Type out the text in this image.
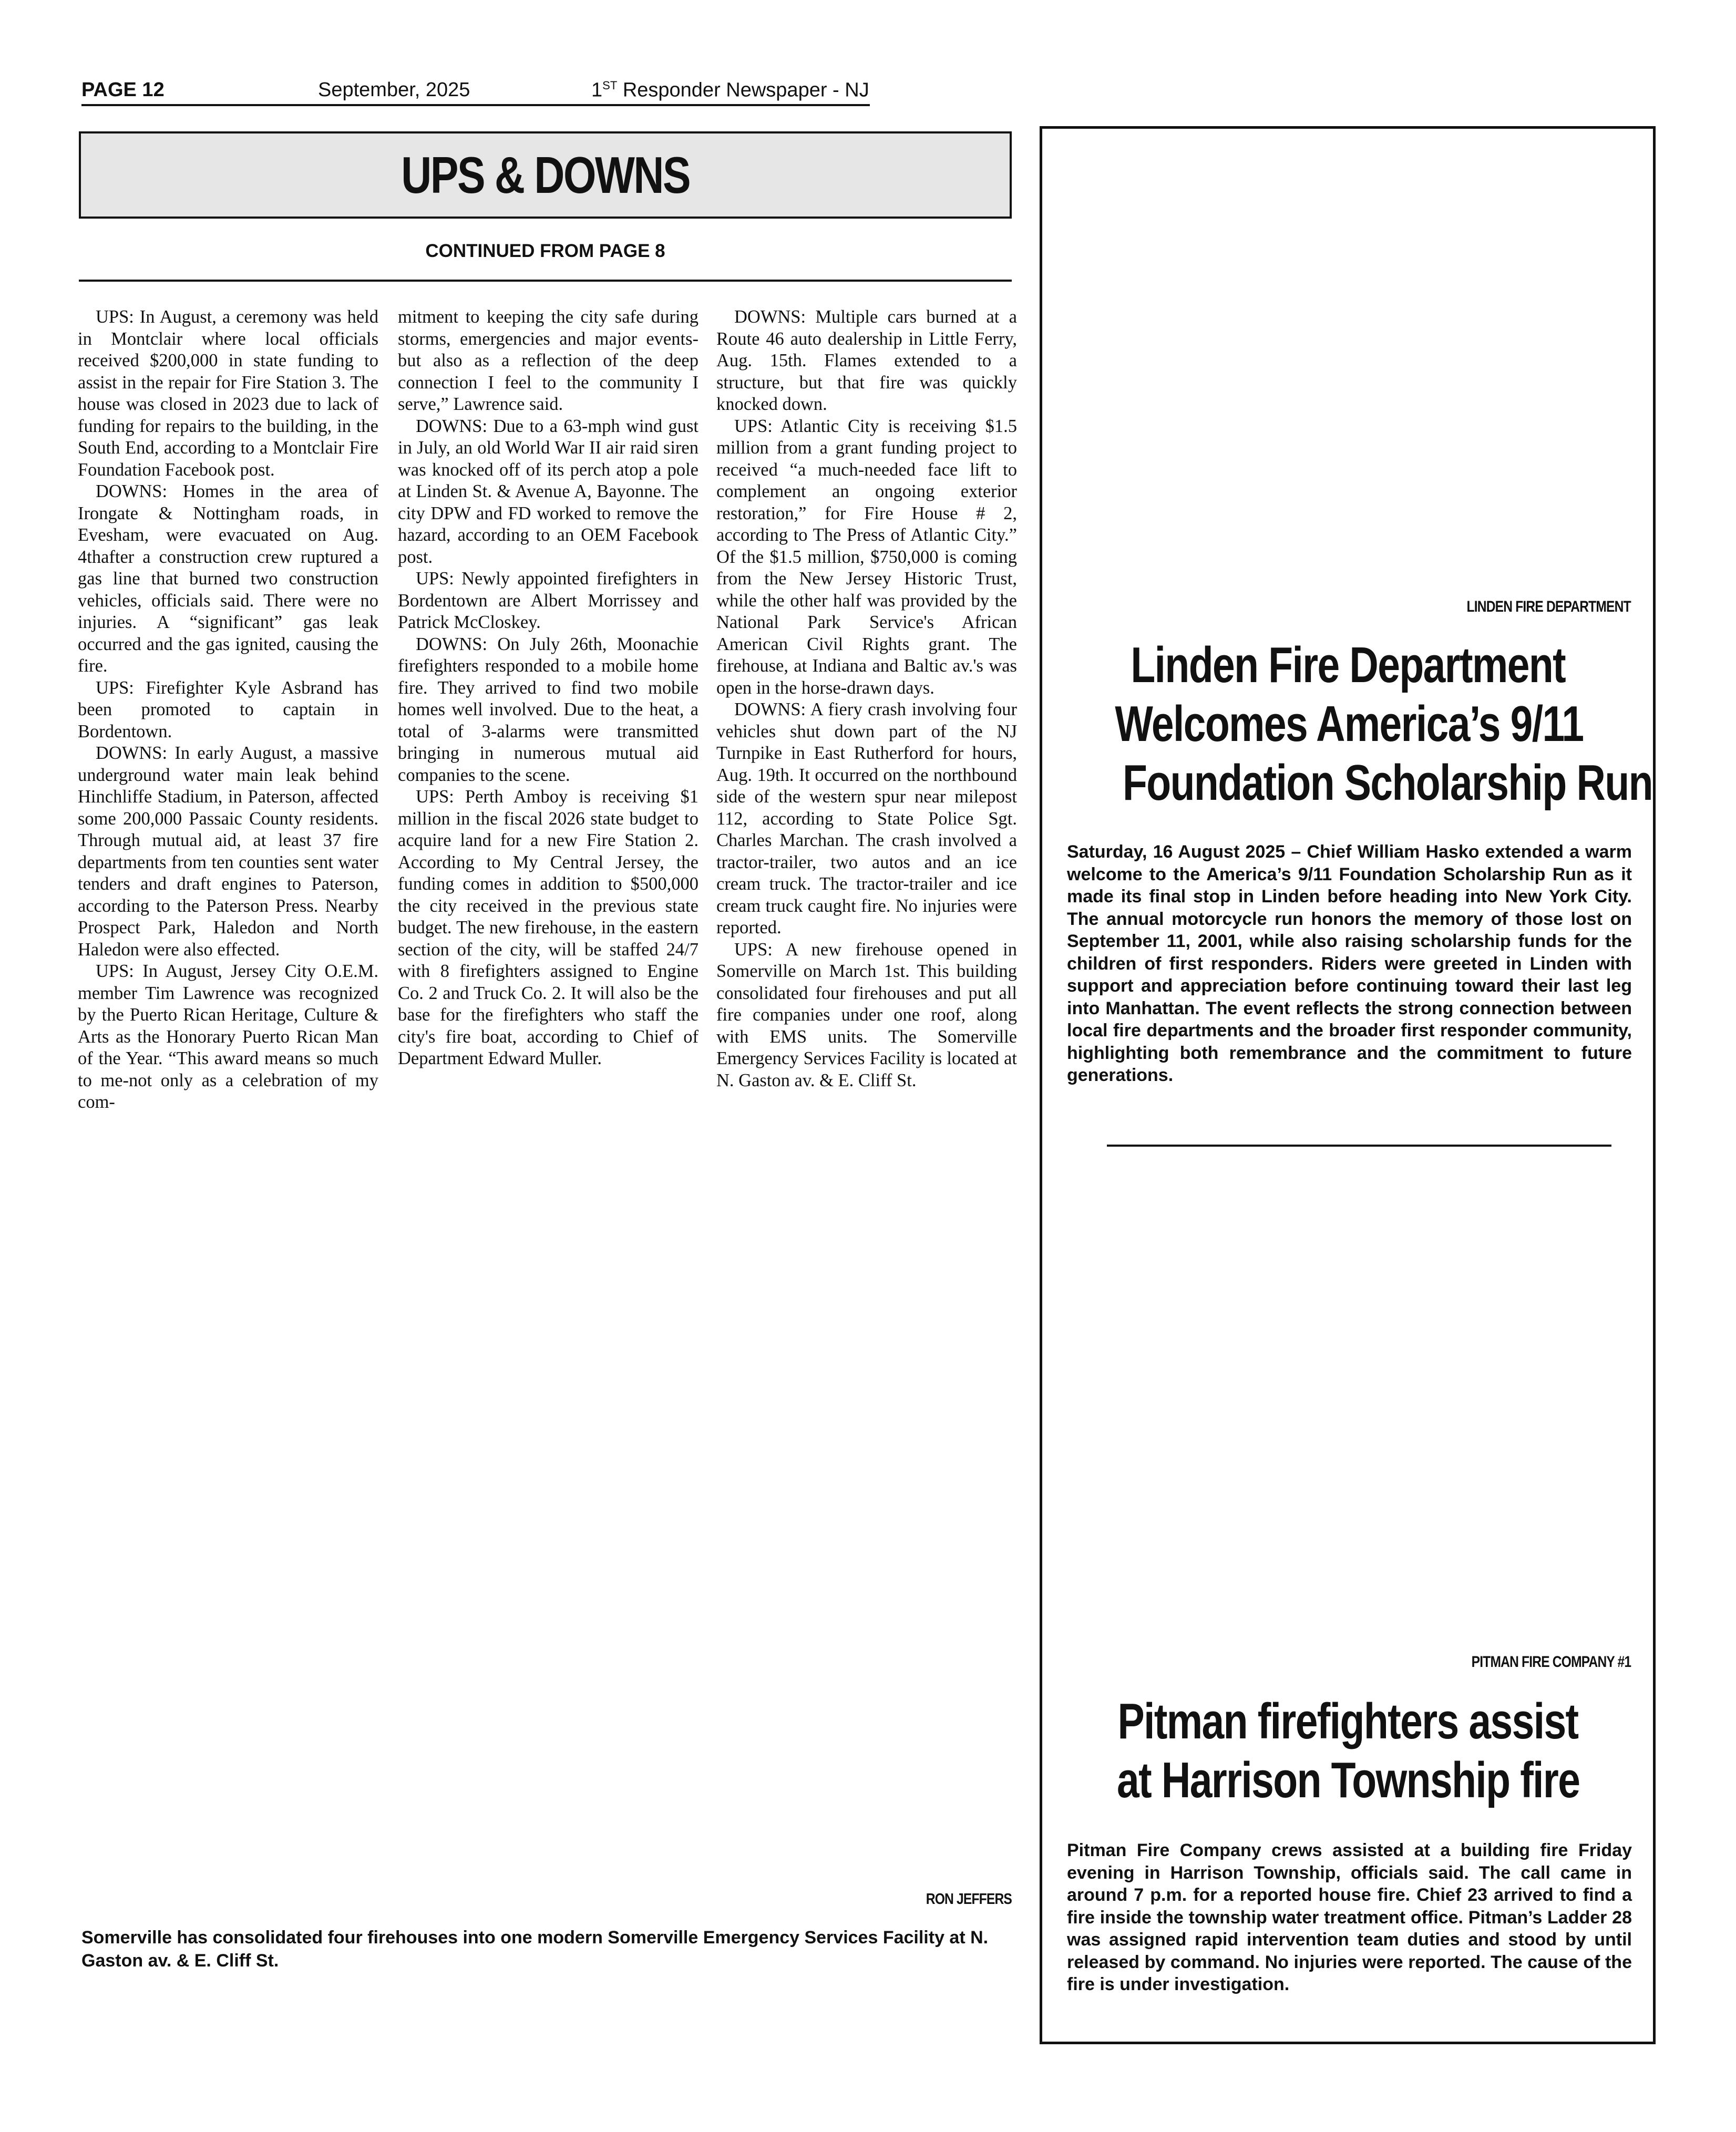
PAGE 12	September, 2025	1ST Responder Newspaper - NJ
UPS & DOWNS
CONTINUED FROM PAGE 8

UPS: In August, a ceremony was held in Montclair where local officials received $200,000 in state funding to assist in the repair for Fire Station 3. The house was closed in 2023 due to lack of funding for repairs to the building, in the South End, according to a Montclair Fire Foundation Facebook post.

DOWNS: Homes in the area of Irongate & Nottingham roads, in Evesham, were evacuated on Aug. 4thafter a construction crew ruptured a gas line that burned two construction vehicles, officials said. There were no injuries. A “significant” gas leak occurred and the gas ignited, causing the fire.

UPS: Firefighter Kyle Asbrand has been promoted to captain in Bordentown.

DOWNS: In early August, a massive underground water main leak behind Hinchliffe Stadium, in Paterson, affected some 200,000 Passaic County residents. Through mutual aid, at least 37 fire departments from ten counties sent water tenders and draft engines to Paterson, according to the Paterson Press. Nearby Prospect Park, Haledon and North Haledon were also effected.

UPS: In August, Jersey City O.E.M. member Tim Lawrence was recognized by the Puerto Rican Heritage, Culture & Arts as the Honorary Puerto Rican Man of the Year. “This award means so much to me-not only as a celebration of my com-

mitment to keeping the city safe during storms, emergencies and major events-but also as a reflection of the deep connection I feel to the community I serve,” Lawrence said.

DOWNS: Due to a 63-mph wind gust in July, an old World War II air raid siren was knocked off of its perch atop a pole at Linden St. & Avenue A, Bayonne. The city DPW and FD worked to remove the hazard, according to an OEM Facebook post.

UPS: Newly appointed firefighters in Bordentown are Albert Morrissey and Patrick McCloskey.

DOWNS: On July 26th, Moonachie firefighters responded to a mobile home fire. They arrived to find two mobile homes well involved. Due to the heat, a total of 3-alarms were transmitted bringing in numerous mutual aid companies to the scene.

UPS: Perth Amboy is receiving $1 million in the fiscal 2026 state budget to acquire land for a new Fire Station 2. According to My Central Jersey, the funding comes in addition to $500,000 the city received in the previous state budget. The new firehouse, in the eastern section of the city, will be staffed 24/7 with 8 firefighters assigned to Engine Co. 2 and Truck Co. 2. It will also be the base for the firefighters who staff the city's fire boat, according to Chief of Department Edward Muller.

DOWNS: Multiple cars burned at a Route 46 auto dealership in Little Ferry, Aug. 15th. Flames extended to a structure, but that fire was quickly knocked down.

UPS: Atlantic City is receiving $1.5 million from a grant funding project to received “a much-needed face lift to complement an ongoing exterior restoration,” for Fire House # 2, according to The Press of Atlantic City.” Of the $1.5 million, $750,000 is coming from the New Jersey Historic Trust, while the other half was provided by the National Park Service's African American Civil Rights grant. The firehouse, at Indiana and Baltic av.'s was open in the horse-drawn days.

DOWNS: A fiery crash involving four vehicles shut down part of the NJ Turnpike in East Rutherford for hours, Aug. 19th. It occurred on the northbound side of the western spur near milepost 112, according to State Police Sgt. Charles Marchan. The crash involved a tractor-trailer, two autos and an ice cream truck. The tractor-trailer and ice cream truck caught fire. No injuries were reported.

UPS: A new firehouse opened in Somerville on March 1st. This building consolidated four firehouses and put all fire companies under one roof, along with EMS units. The Somerville Emergency Services Facility is located at N. Gaston av. & E. Cliff St.

RON JEFFERS
Somerville has consolidated four firehouses into one modern Somerville Emergency Services Facility at N. Gaston av. & E. Cliff St.
LINDEN FIRE DEPARTMENT
Linden Fire Department
Welcomes America’s 9/11
Foundation Scholarship Run
Saturday, 16 August 2025 – Chief William Hasko extended a warm welcome to the America’s 9/11 Foundation Scholarship Run as it made its final stop in Linden before heading into New York City. The annual motorcycle run honors the memory of those lost on September 11, 2001, while also raising scholarship funds for the children of first responders. Riders were greeted in Linden with support and appreciation before continuing toward their last leg into Manhattan. The event reflects the strong connection between local fire departments and the broader first responder community, highlighting both remembrance and the commitment to future generations.
PITMAN FIRE COMPANY #1
Pitman firefighters assist
at Harrison Township fire
Pitman Fire Company crews assisted at a building fire Friday evening in Harrison Township, officials said. The call came in around 7 p.m. for a reported house fire. Chief 23 arrived to find a fire inside the township water treatment office. Pitman’s Ladder 28 was assigned rapid intervention team duties and stood by until released by command. No injuries were reported. The cause of the fire is under investigation.
